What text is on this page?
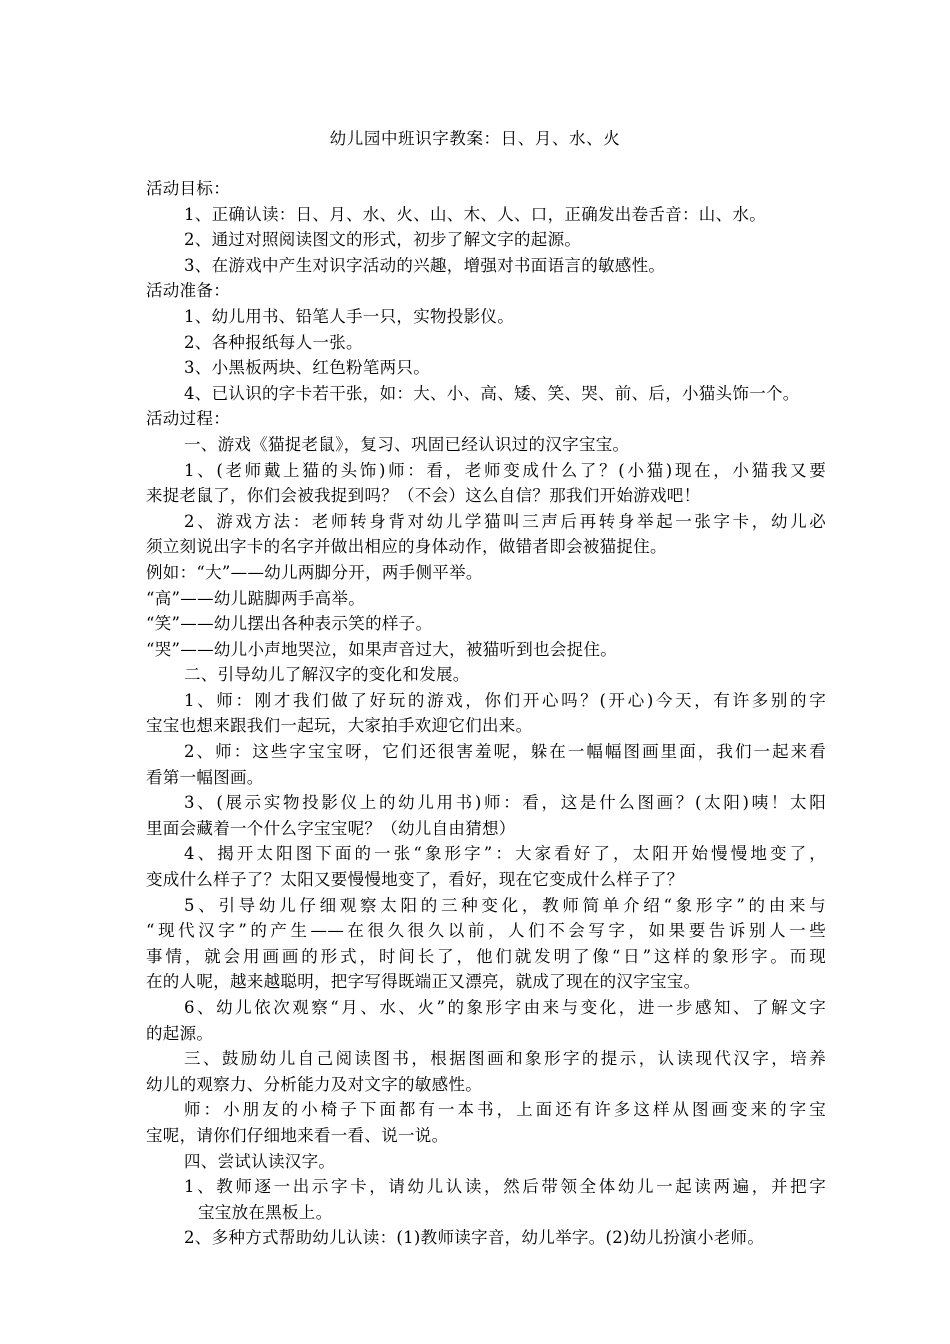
幼儿园中班识字教案：日、月、水、火
活动目标：
1、正确认读：日、月、水、火、山、木、人、口，正确发出卷舌音：山、水。
2、通过对照阅读图文的形式，初步了解文字的起源。
3、在游戏中产生对识字活动的兴趣，增强对书面语言的敏感性。
活动准备：
1、幼儿用书、铅笔人手一只，实物投影仪。
2、各种报纸每人一张。
3、小黑板两块、红色粉笔两只。
4、已认识的字卡若干张，如：大、小、高、矮、笑、哭、前、后，小猫头饰一个。
活动过程：
一、游戏《猫捉老鼠》，复习、巩固已经认识过的汉字宝宝。
1、(老师戴上猫的头饰)师：看，老师变成什么了？(小猫)现在，小猫我又要
来捉老鼠了，你们会被我捉到吗？（不会）这么自信？那我们开始游戏吧！
2、游戏方法：老师转身背对幼儿学猫叫三声后再转身举起一张字卡，幼儿必
须立刻说出字卡的名字并做出相应的身体动作，做错者即会被猫捉住。
例如：“大”——幼儿两脚分开，两手侧平举。
“高”——幼儿踮脚两手高举。
“笑”——幼儿摆出各种表示笑的样子。
“哭”——幼儿小声地哭泣，如果声音过大，被猫听到也会捉住。
二、引导幼儿了解汉字的变化和发展。
1、师：刚才我们做了好玩的游戏，你们开心吗？(开心)今天，有许多别的字
宝宝也想来跟我们一起玩，大家拍手欢迎它们出来。
2、师：这些字宝宝呀，它们还很害羞呢，躲在一幅幅图画里面，我们一起来看
看第一幅图画。
3、(展示实物投影仪上的幼儿用书)师：看，这是什么图画？(太阳)咦！太阳
里面会藏着一个什么字宝宝呢？（幼儿自由猜想）
4、揭开太阳图下面的一张“象形字”：大家看好了，太阳开始慢慢地变了，
变成什么样子了？太阳又要慢慢地变了，看好，现在它变成什么样子了？
5、引导幼儿仔细观察太阳的三种变化，教师简单介绍“象形字”的由来与
“现代汉字”的产生——在很久很久以前，人们不会写字，如果要告诉别人一些
事情，就会用画画的形式，时间长了，他们就发明了像“日”这样的象形字。而现
在的人呢，越来越聪明，把字写得既端正又漂亮，就成了现在的汉字宝宝。
6、幼儿依次观察“月、水、火”的象形字由来与变化，进一步感知、了解文字
的起源。
三、鼓励幼儿自己阅读图书，根据图画和象形字的提示，认读现代汉字，培养
幼儿的观察力、分析能力及对文字的敏感性。
师：小朋友的小椅子下面都有一本书，上面还有许多这样从图画变来的字宝
宝呢，请你们仔细地来看一看、说一说。
四、尝试认读汉字。
1、教师逐一出示字卡，请幼儿认读，然后带领全体幼儿一起读两遍，并把字
宝宝放在黑板上。
2、多种方式帮助幼儿认读：(1)教师读字音，幼儿举字。(2)幼儿扮演小老师。
